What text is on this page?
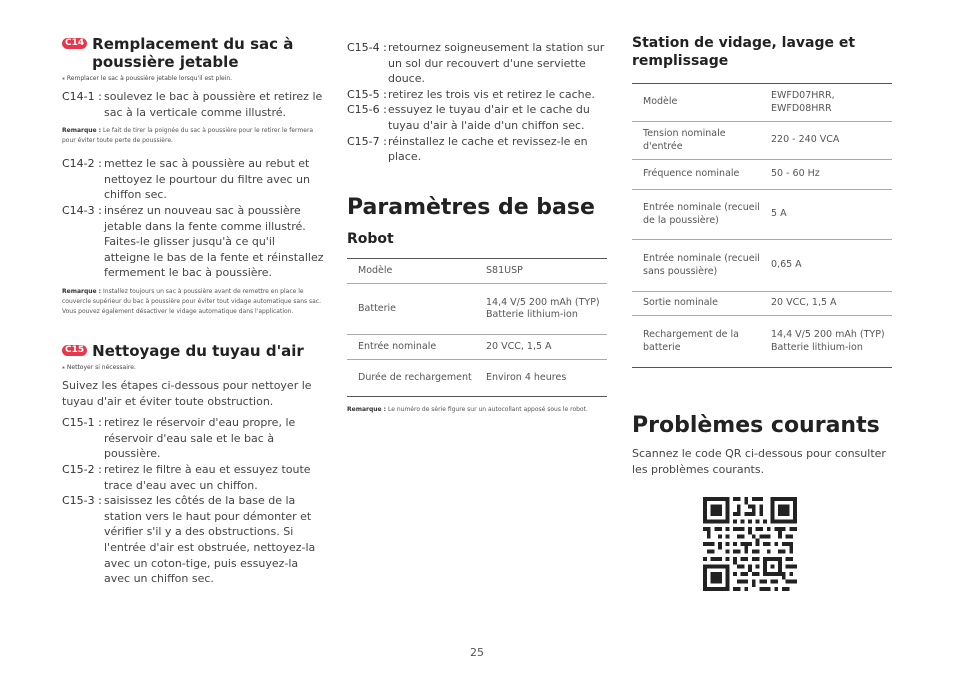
C14 Remplacement du sac à poussière jetable
⁎ Remplacer le sac à poussière jetable lorsqu'il est plein.
C14-1 : soulevez le bac à poussière et retirez le sac à la verticale comme illustré.
Remarque : Le fait de tirer la poignée du sac à poussière pour le retirer le fermera pour éviter toute perte de poussière.
C14-2 : mettez le sac à poussière au rebut et nettoyez le pourtour du filtre avec un chiffon sec.
C14-3 : insérez un nouveau sac à poussière jetable dans la fente comme illustré. Faites-le glisser jusqu'à ce qu'il atteigne le bas de la fente et réinstallez fermement le bac à poussière.
Remarque : Installez toujours un sac à poussière avant de remettre en place le couvercle supérieur du bac à poussière pour éviter tout vidage automatique sans sac. Vous pouvez également désactiver le vidage automatique dans l'application.
C15 Nettoyage du tuyau d'air
⁎ Nettoyer si nécessaire.
Suivez les étapes ci-dessous pour nettoyer le tuyau d'air et éviter toute obstruction.
C15-1 : retirez le réservoir d'eau propre, le réservoir d'eau sale et le bac à poussière.
C15-2 : retirez le filtre à eau et essuyez toute trace d'eau avec un chiffon.
C15-3 : saisissez les côtés de la base de la station vers le haut pour démonter et vérifier s'il y a des obstructions. Si l'entrée d'air est obstruée, nettoyez-la avec un coton-tige, puis essuyez-la avec un chiffon sec.
C15-4 : retournez soigneusement la station sur un sol dur recouvert d'une serviette douce.
C15-5 : retirez les trois vis et retirez le cache.
C15-6 : essuyez le tuyau d'air et le cache du tuyau d'air à l'aide d'un chiffon sec.
C15-7 : réinstallez le cache et revissez-le en place.
Paramètres de base
Robot
Modèle	S81USP
Batterie	14,4 V/5 200 mAh (TYP) Batterie lithium-ion
Entrée nominale	20 VCC, 1,5 A
Durée de rechargement	Environ 4 heures
Remarque : Le numéro de série figure sur un autocollant apposé sous le robot.
Station de vidage, lavage et remplissage
Modèle	EWFD07HRR, EWFD08HRR
Tension nominale d'entrée	220 - 240 VCA
Fréquence nominale	50 - 60 Hz
Entrée nominale (recueil de la poussière)	5 A
Entrée nominale (recueil sans poussière)	0,65 A
Sortie nominale	20 VCC, 1,5 A
Rechargement de la batterie	14,4 V/5 200 mAh (TYP) Batterie lithium-ion
Problèmes courants
Scannez le code QR ci-dessous pour consulter les problèmes courants.
25
